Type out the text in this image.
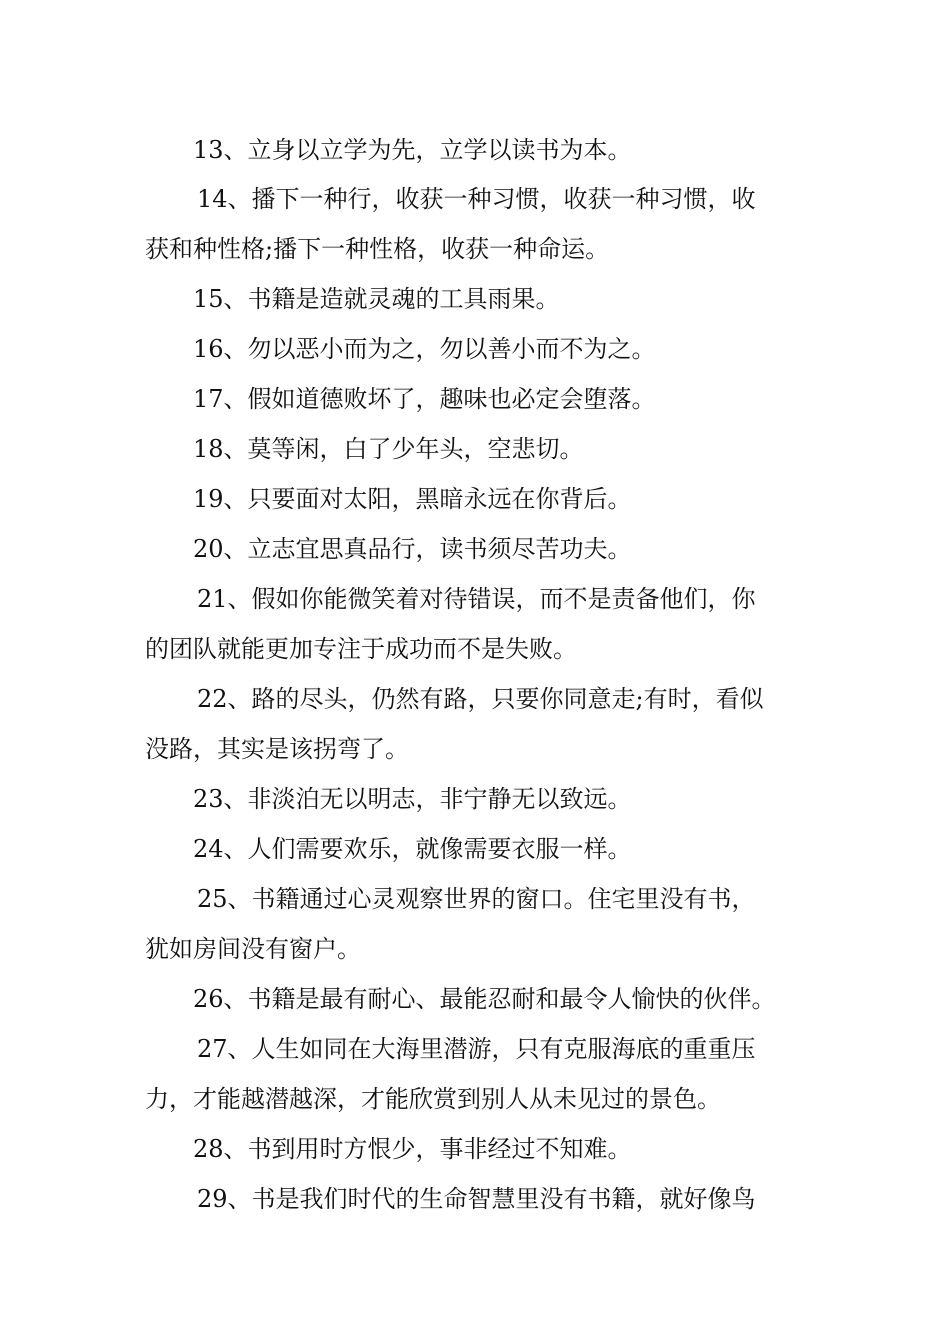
13、立身以立学为先，立学以读书为本。
14、播下一种行，收获一种习惯，收获一种习惯，收
获和种性格;播下一种性格，收获一种命运。
15、书籍是造就灵魂的工具雨果。
16、勿以恶小而为之，勿以善小而不为之。
17、假如道德败坏了，趣味也必定会堕落。
18、莫等闲，白了少年头，空悲切。
19、只要面对太阳，黑暗永远在你背后。
20、立志宜思真品行，读书须尽苦功夫。
21、假如你能微笑着对待错误，而不是责备他们，你
的团队就能更加专注于成功而不是失败。
22、路的尽头，仍然有路，只要你同意走;有时，看似
没路，其实是该拐弯了。
23、非淡泊无以明志，非宁静无以致远。
24、人们需要欢乐，就像需要衣服一样。
25、书籍通过心灵观察世界的窗口。住宅里没有书，
犹如房间没有窗户。
26、书籍是最有耐心、最能忍耐和最令人愉快的伙伴。
27、人生如同在大海里潜游，只有克服海底的重重压
力，才能越潜越深，才能欣赏到别人从未见过的景色。
28、书到用时方恨少，事非经过不知难。
29、书是我们时代的生命智慧里没有书籍，就好像鸟
